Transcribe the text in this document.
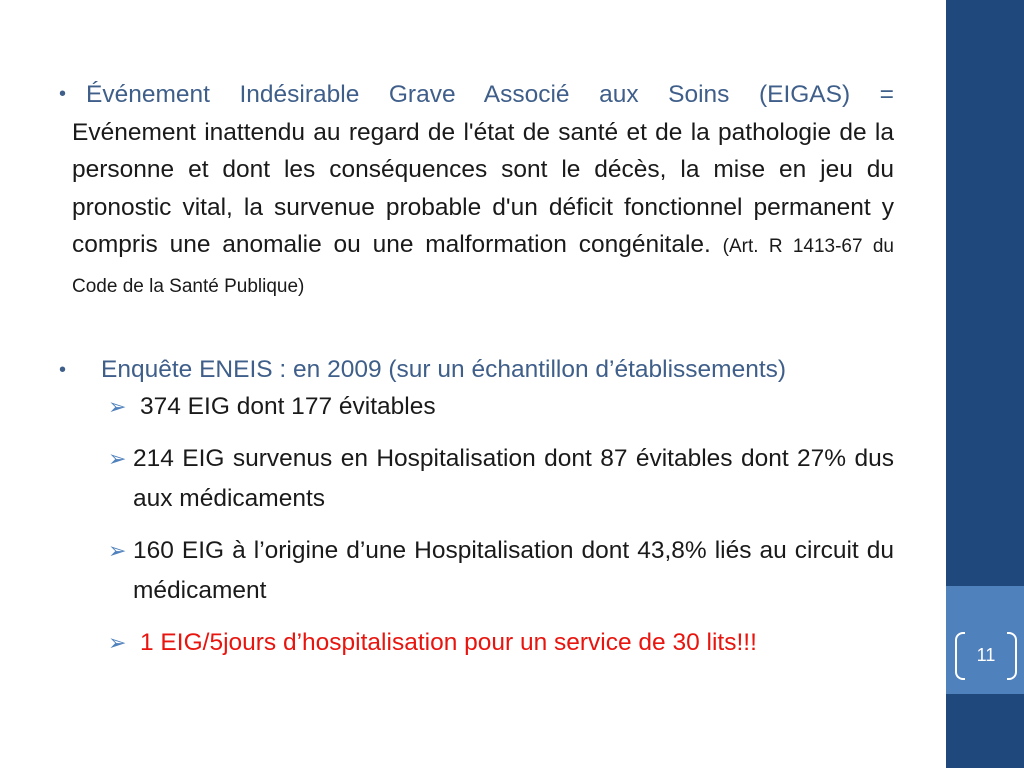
• Événement Indésirable Grave Associé aux Soins (EIGAS) =
Evénement inattendu au regard de l'état de santé et de la pathologie de la personne et dont les conséquences sont le décès, la mise en jeu du pronostic vital, la survenue probable d'un déficit fonctionnel permanent y compris une anomalie ou une malformation congénitale. (Art. R 1413-67 du Code de la Santé Publique)
• Enquête ENEIS : en 2009 (sur un échantillon d’établissements)
➢ 374 EIG dont 177 évitables
➢ 214 EIG survenus en Hospitalisation dont 87 évitables dont 27% dus aux médicaments
➢ 160 EIG à l’origine d’une Hospitalisation dont 43,8% liés au circuit du médicament
➢ 1 EIG/5jours d’hospitalisation pour un service de 30 lits!!!	11
